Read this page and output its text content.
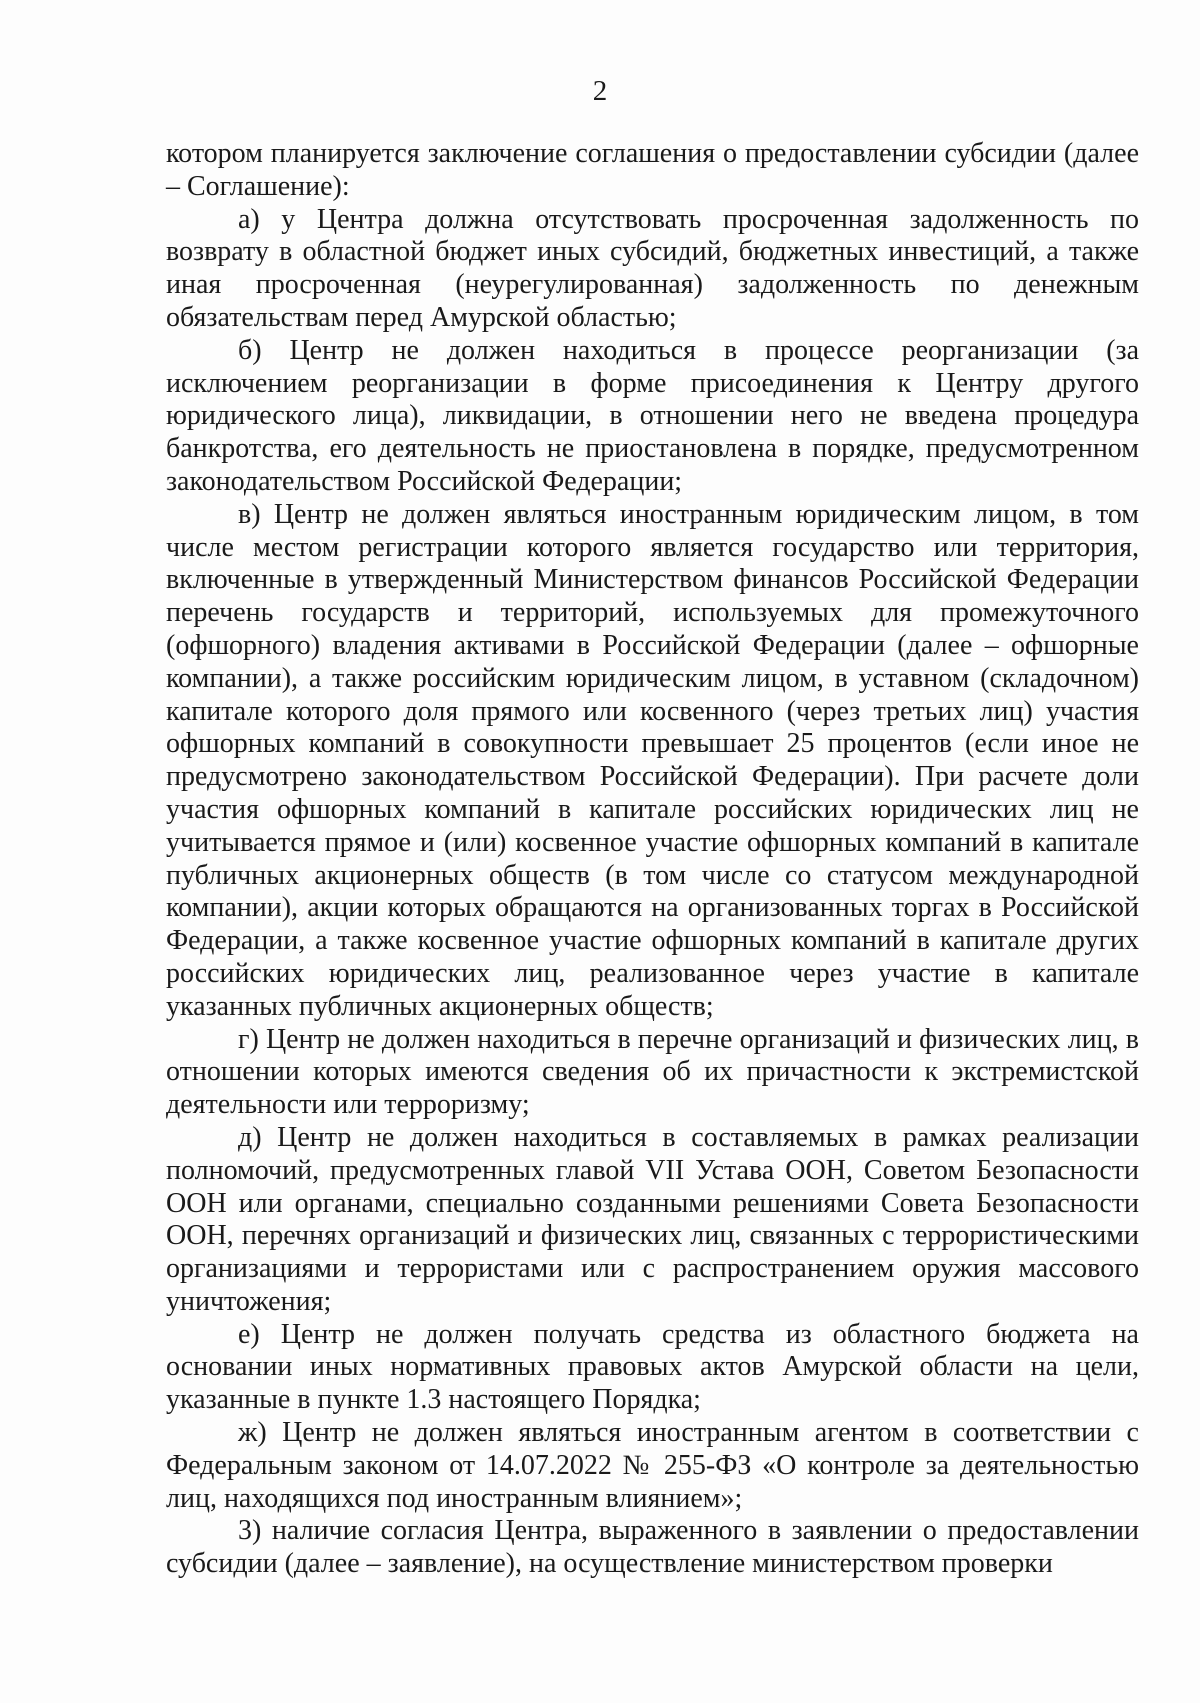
2

котором планируется заключение соглашения о предоставлении субсидии (далее – Соглашение):

а) у Центра должна отсутствовать просроченная задолженность по возврату в областной бюджет иных субсидий, бюджетных инвестиций, а также иная просроченная (неурегулированная) задолженность по денежным обязательствам перед Амурской областью;

б) Центр не должен находиться в процессе реорганизации (за исключением реорганизации в форме присоединения к Центру другого юридического лица), ликвидации, в отношении него не введена процедура банкротства, его деятельность не приостановлена в порядке, предусмотренном законодательством Российской Федерации;

в) Центр не должен являться иностранным юридическим лицом, в том числе местом регистрации которого является государство или территория, включенные в утвержденный Министерством финансов Российской Федерации перечень государств и территорий, используемых для промежуточного (офшорного) владения активами в Российской Федерации (далее – офшорные компании), а также российским юридическим лицом, в уставном (складочном) капитале которого доля прямого или косвенного (через третьих лиц) участия офшорных компаний в совокупности превышает 25 процентов (если иное не предусмотрено законодательством Российской Федерации). При расчете доли участия офшорных компаний в капитале российских юридических лиц не учитывается прямое и (или) косвенное участие офшорных компаний в капитале публичных акционерных обществ (в том числе со статусом международной компании), акции которых обращаются на организованных торгах в Российской Федерации, а также косвенное участие офшорных компаний в капитале других российских юридических лиц, реализованное через участие в капитале указанных публичных акционерных обществ;

г) Центр не должен находиться в перечне организаций и физических лиц, в отношении которых имеются сведения об их причастности к экстремистской деятельности или терроризму;

д) Центр не должен находиться в составляемых в рамках реализации полномочий, предусмотренных главой VII Устава ООН, Советом Безопасности ООН или органами, специально созданными решениями Совета Безопасности ООН, перечнях организаций и физических лиц, связанных с террористическими организациями и террористами или с распространением оружия массового уничтожения;

е) Центр не должен получать средства из областного бюджета на основании иных нормативных правовых актов Амурской области на цели, указанные в пункте 1.3 настоящего Порядка;

ж) Центр не должен являться иностранным агентом в соответствии с Федеральным законом от 14.07.2022 № 255-ФЗ «О контроле за деятельностью лиц, находящихся под иностранным влиянием»;

3) наличие согласия Центра, выраженного в заявлении о предоставлении субсидии (далее – заявление), на осуществление министерством проверки
